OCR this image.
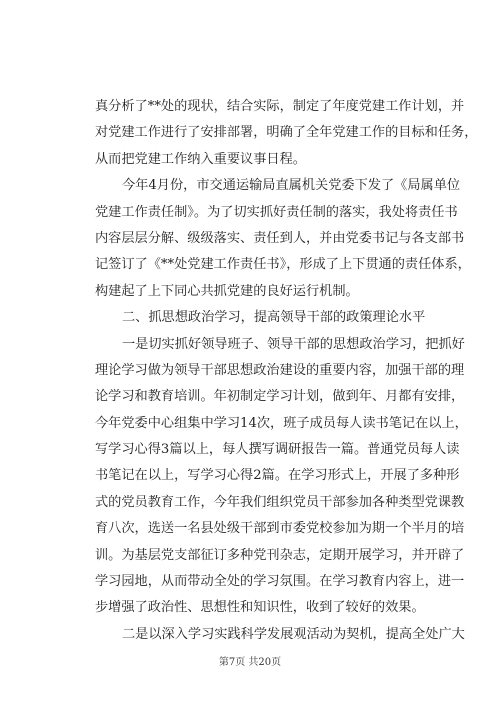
真分析了**处的现状，结合实际，制定了年度党建工作计划，并
对党建工作进行了安排部署，明确了全年党建工作的目标和任务，
从而把党建工作纳入重要议事日程。
今年4月份，市交通运输局直属机关党委下发了《局属单位
党建工作责任制》。为了切实抓好责任制的落实，我处将责任书
内容层层分解、级级落实、责任到人，并由党委书记与各支部书
记签订了《**处党建工作责任书》，形成了上下贯通的责任体系，
构建起了上下同心共抓党建的良好运行机制。
二、抓思想政治学习，提高领导干部的政策理论水平
一是切实抓好领导班子、领导干部的思想政治学习，把抓好
理论学习做为领导干部思想政治建设的重要内容，加强干部的理
论学习和教育培训。年初制定学习计划，做到年、月都有安排，
今年党委中心组集中学习14次，班子成员每人读书笔记在以上，
写学习心得3篇以上，每人撰写调研报告一篇。普通党员每人读
书笔记在以上，写学习心得2篇。在学习形式上，开展了多种形
式的党员教育工作，今年我们组织党员干部参加各种类型党课教
育八次，选送一名县处级干部到市委党校参加为期一个半月的培
训。为基层党支部征订多种党刊杂志，定期开展学习，并开辟了
学习园地，从而带动全处的学习氛围。在学习教育内容上，进一
步增强了政治性、思想性和知识性，收到了较好的效果。
二是以深入学习实践科学发展观活动为契机，提高全处广大
第7页 共20页
